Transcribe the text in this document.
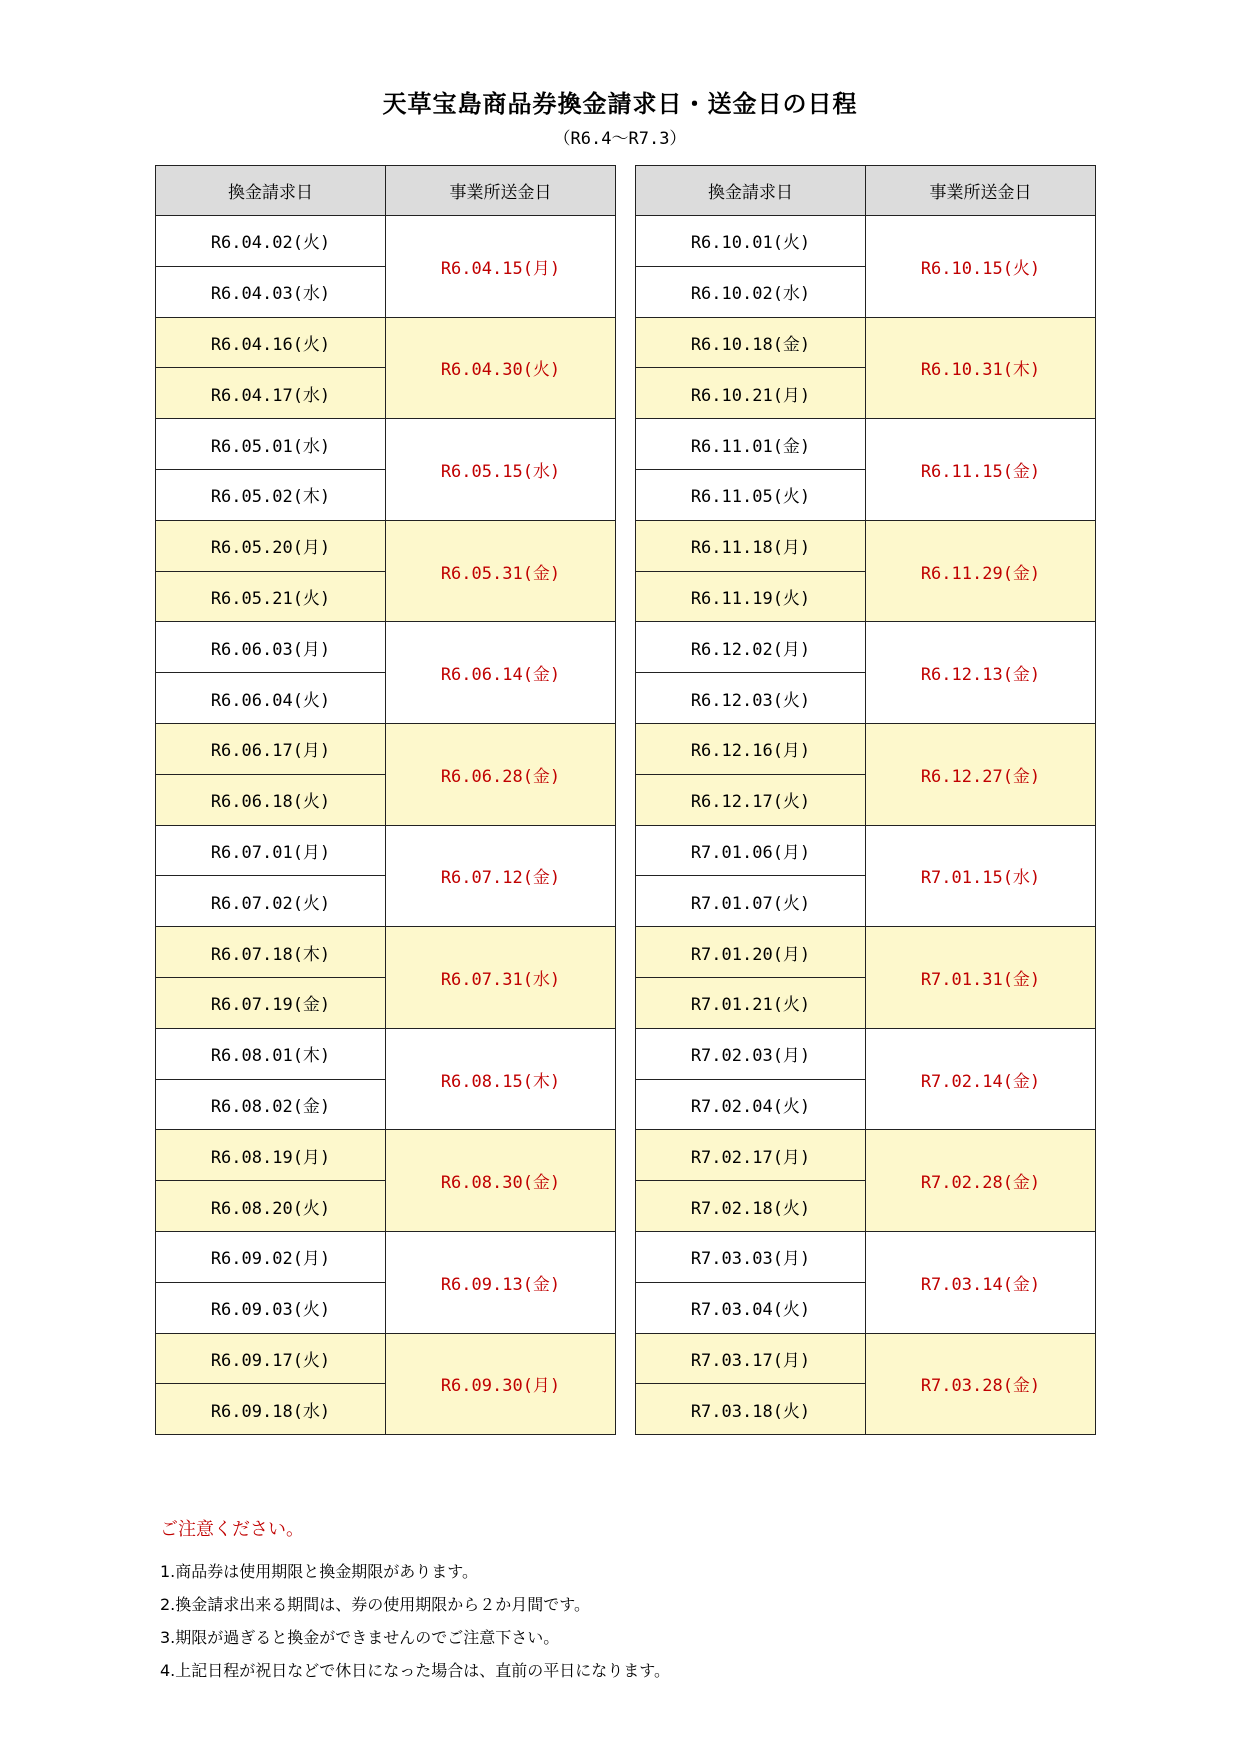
天草宝島商品券換金請求日・送金日の日程
（R6.4～R7.3）
換金請求日	事業所送金日
R6.04.02(火)	R6.04.15(月)
R6.04.03(水)	
R6.04.16(火)	R6.04.30(火)
R6.04.17(水)	
R6.05.01(水)	R6.05.15(水)
R6.05.02(木)	
R6.05.20(月)	R6.05.31(金)
R6.05.21(火)	
R6.06.03(月)	R6.06.14(金)
R6.06.04(火)	
R6.06.17(月)	R6.06.28(金)
R6.06.18(火)	
R6.07.01(月)	R6.07.12(金)
R6.07.02(火)	
R6.07.18(木)	R6.07.31(水)
R6.07.19(金)	
R6.08.01(木)	R6.08.15(木)
R6.08.02(金)	
R6.08.19(月)	R6.08.30(金)
R6.08.20(火)	
R6.09.02(月)	R6.09.13(金)
R6.09.03(火)	
R6.09.17(火)	R6.09.30(月)
R6.09.18(水)	
換金請求日	事業所送金日
R6.10.01(火)	R6.10.15(火)
R6.10.02(水)	
R6.10.18(金)	R6.10.31(木)
R6.10.21(月)	
R6.11.01(金)	R6.11.15(金)
R6.11.05(火)	
R6.11.18(月)	R6.11.29(金)
R6.11.19(火)	
R6.12.02(月)	R6.12.13(金)
R6.12.03(火)	
R6.12.16(月)	R6.12.27(金)
R6.12.17(火)	
R7.01.06(月)	R7.01.15(水)
R7.01.07(火)	
R7.01.20(月)	R7.01.31(金)
R7.01.21(火)	
R7.02.03(月)	R7.02.14(金)
R7.02.04(火)	
R7.02.17(月)	R7.02.28(金)
R7.02.18(火)	
R7.03.03(月)	R7.03.14(金)
R7.03.04(火)	
R7.03.17(月)	R7.03.28(金)
R7.03.18(火)	
ご注意ください。
1.商品券は使用期限と換金期限があります。
2.換金請求出来る期間は、券の使用期限から２か月間です。
3.期限が過ぎると換金ができませんのでご注意下さい。
4.上記日程が祝日などで休日になった場合は、直前の平日になります。
